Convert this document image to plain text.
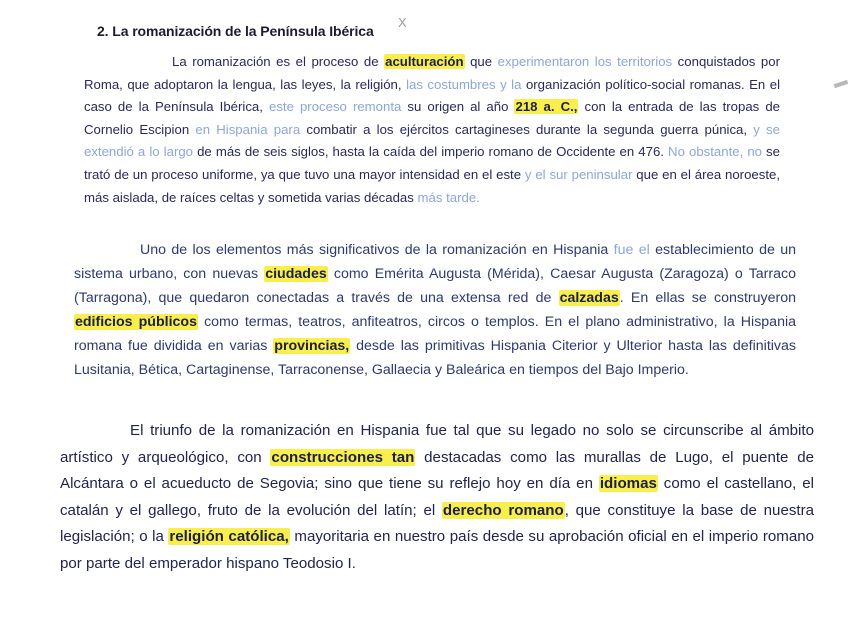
2. La romanización de la Península Ibérica
X

La romanización es el proceso de aculturación que experimentaron los territorios conquistados por Roma, que adoptaron la lengua, las leyes, la religión, las costumbres y la organización político-social romanas. En el caso de la Península Ibérica, este proceso remonta su origen al año 218 a. C., con la entrada de las tropas de Cornelio Escipion en Hispania para combatir a los ejércitos cartagineses durante la segunda guerra púnica, y se extendió a lo largo de más de seis siglos, hasta la caída del imperio romano de Occidente en 476. No obstante, no se trató de un proceso uniforme, ya que tuvo una mayor intensidad en el este y el sur peninsular que en el área noroeste, más aislada, de raíces celtas y sometida varias décadas más tarde.

Uno de los elementos más significativos de la romanización en Hispania fue el establecimiento de un sistema urbano, con nuevas ciudades como Emérita Augusta (Mérida), Caesar Augusta (Zaragoza) o Tarraco (Tarragona), que quedaron conectadas a través de una extensa red de calzadas. En ellas se construyeron edificios públicos como termas, teatros, anfiteatros, circos o templos. En el plano administrativo, la Hispania romana fue dividida en varias provincias, desde las primitivas Hispania Citerior y Ulterior hasta las definitivas Lusitania, Bética, Cartaginense, Tarraconense, Gallaecia y Baleárica en tiempos del Bajo Imperio.

El triunfo de la romanización en Hispania fue tal que su legado no solo se circunscribe al ámbito artístico y arqueológico, con construcciones tan destacadas como las murallas de Lugo, el puente de Alcántara o el acueducto de Segovia; sino que tiene su reflejo hoy en día en idiomas como el castellano, el catalán y el gallego, fruto de la evolución del latín; el derecho romano, que constituye la base de nuestra legislación; o la religión católica, mayoritaria en nuestro país desde su aprobación oficial en el imperio romano por parte del emperador hispano Teodosio I.
